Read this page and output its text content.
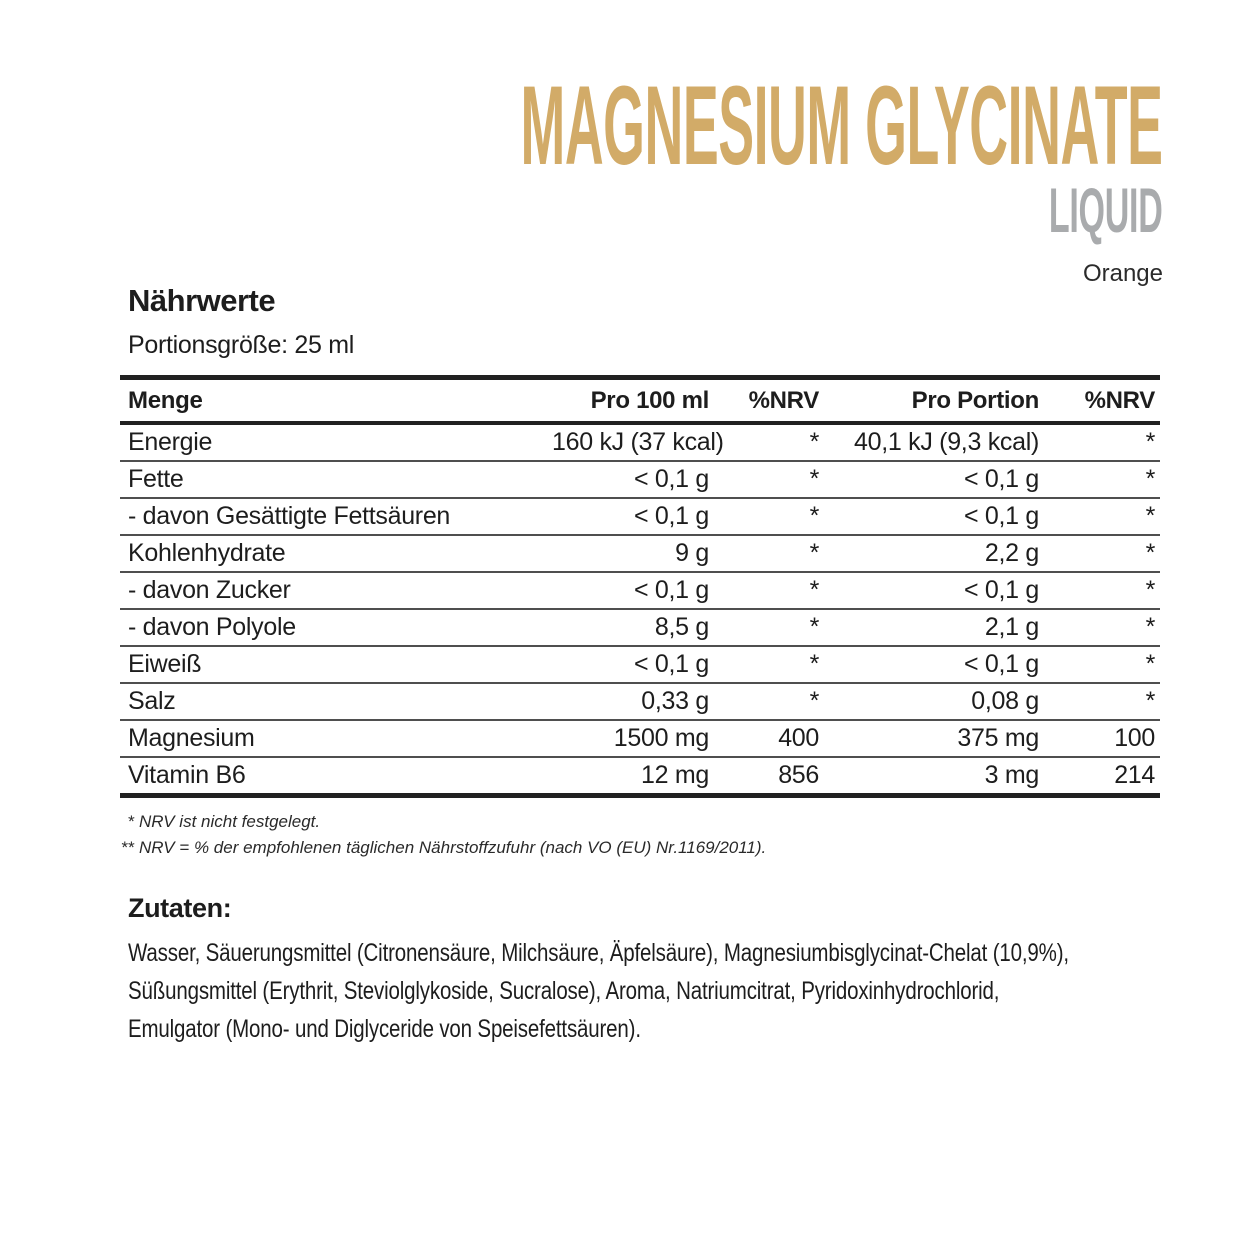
MAGNESIUM GLYCINATE
LIQUID
Orange
Nährwerte
Portionsgröße: 25 ml
Menge	Pro 100 ml	%NRV	Pro Portion	%NRV
Energie	160 kJ (37 kcal)	*	40,1 kJ (9,3 kcal)	*
Fette	< 0,1 g	*	< 0,1 g	*
- davon Gesättigte Fettsäuren	< 0,1 g	*	< 0,1 g	*
Kohlenhydrate	9 g	*	2,2 g	*
- davon Zucker	< 0,1 g	*	< 0,1 g	*
- davon Polyole	8,5 g	*	2,1 g	*
Eiweiß	< 0,1 g	*	< 0,1 g	*
Salz	0,33 g	*	0,08 g	*
Magnesium	1500 mg	400	375 mg	100
Vitamin B6	12 mg	856	3 mg	214
* NRV ist nicht festgelegt.
** NRV = % der empfohlenen täglichen Nährstoffzufuhr (nach VO (EU) Nr.1169/2011).
Zutaten:
Wasser, Säuerungsmittel (Citronensäure, Milchsäure, Äpfelsäure), Magnesiumbisglycinat-Chelat (10,9%),
Süßungsmittel (Erythrit, Steviolglykoside, Sucralose), Aroma, Natriumcitrat, Pyridoxinhydrochlorid,
Emulgator (Mono- und Diglyceride von Speisefettsäuren).
